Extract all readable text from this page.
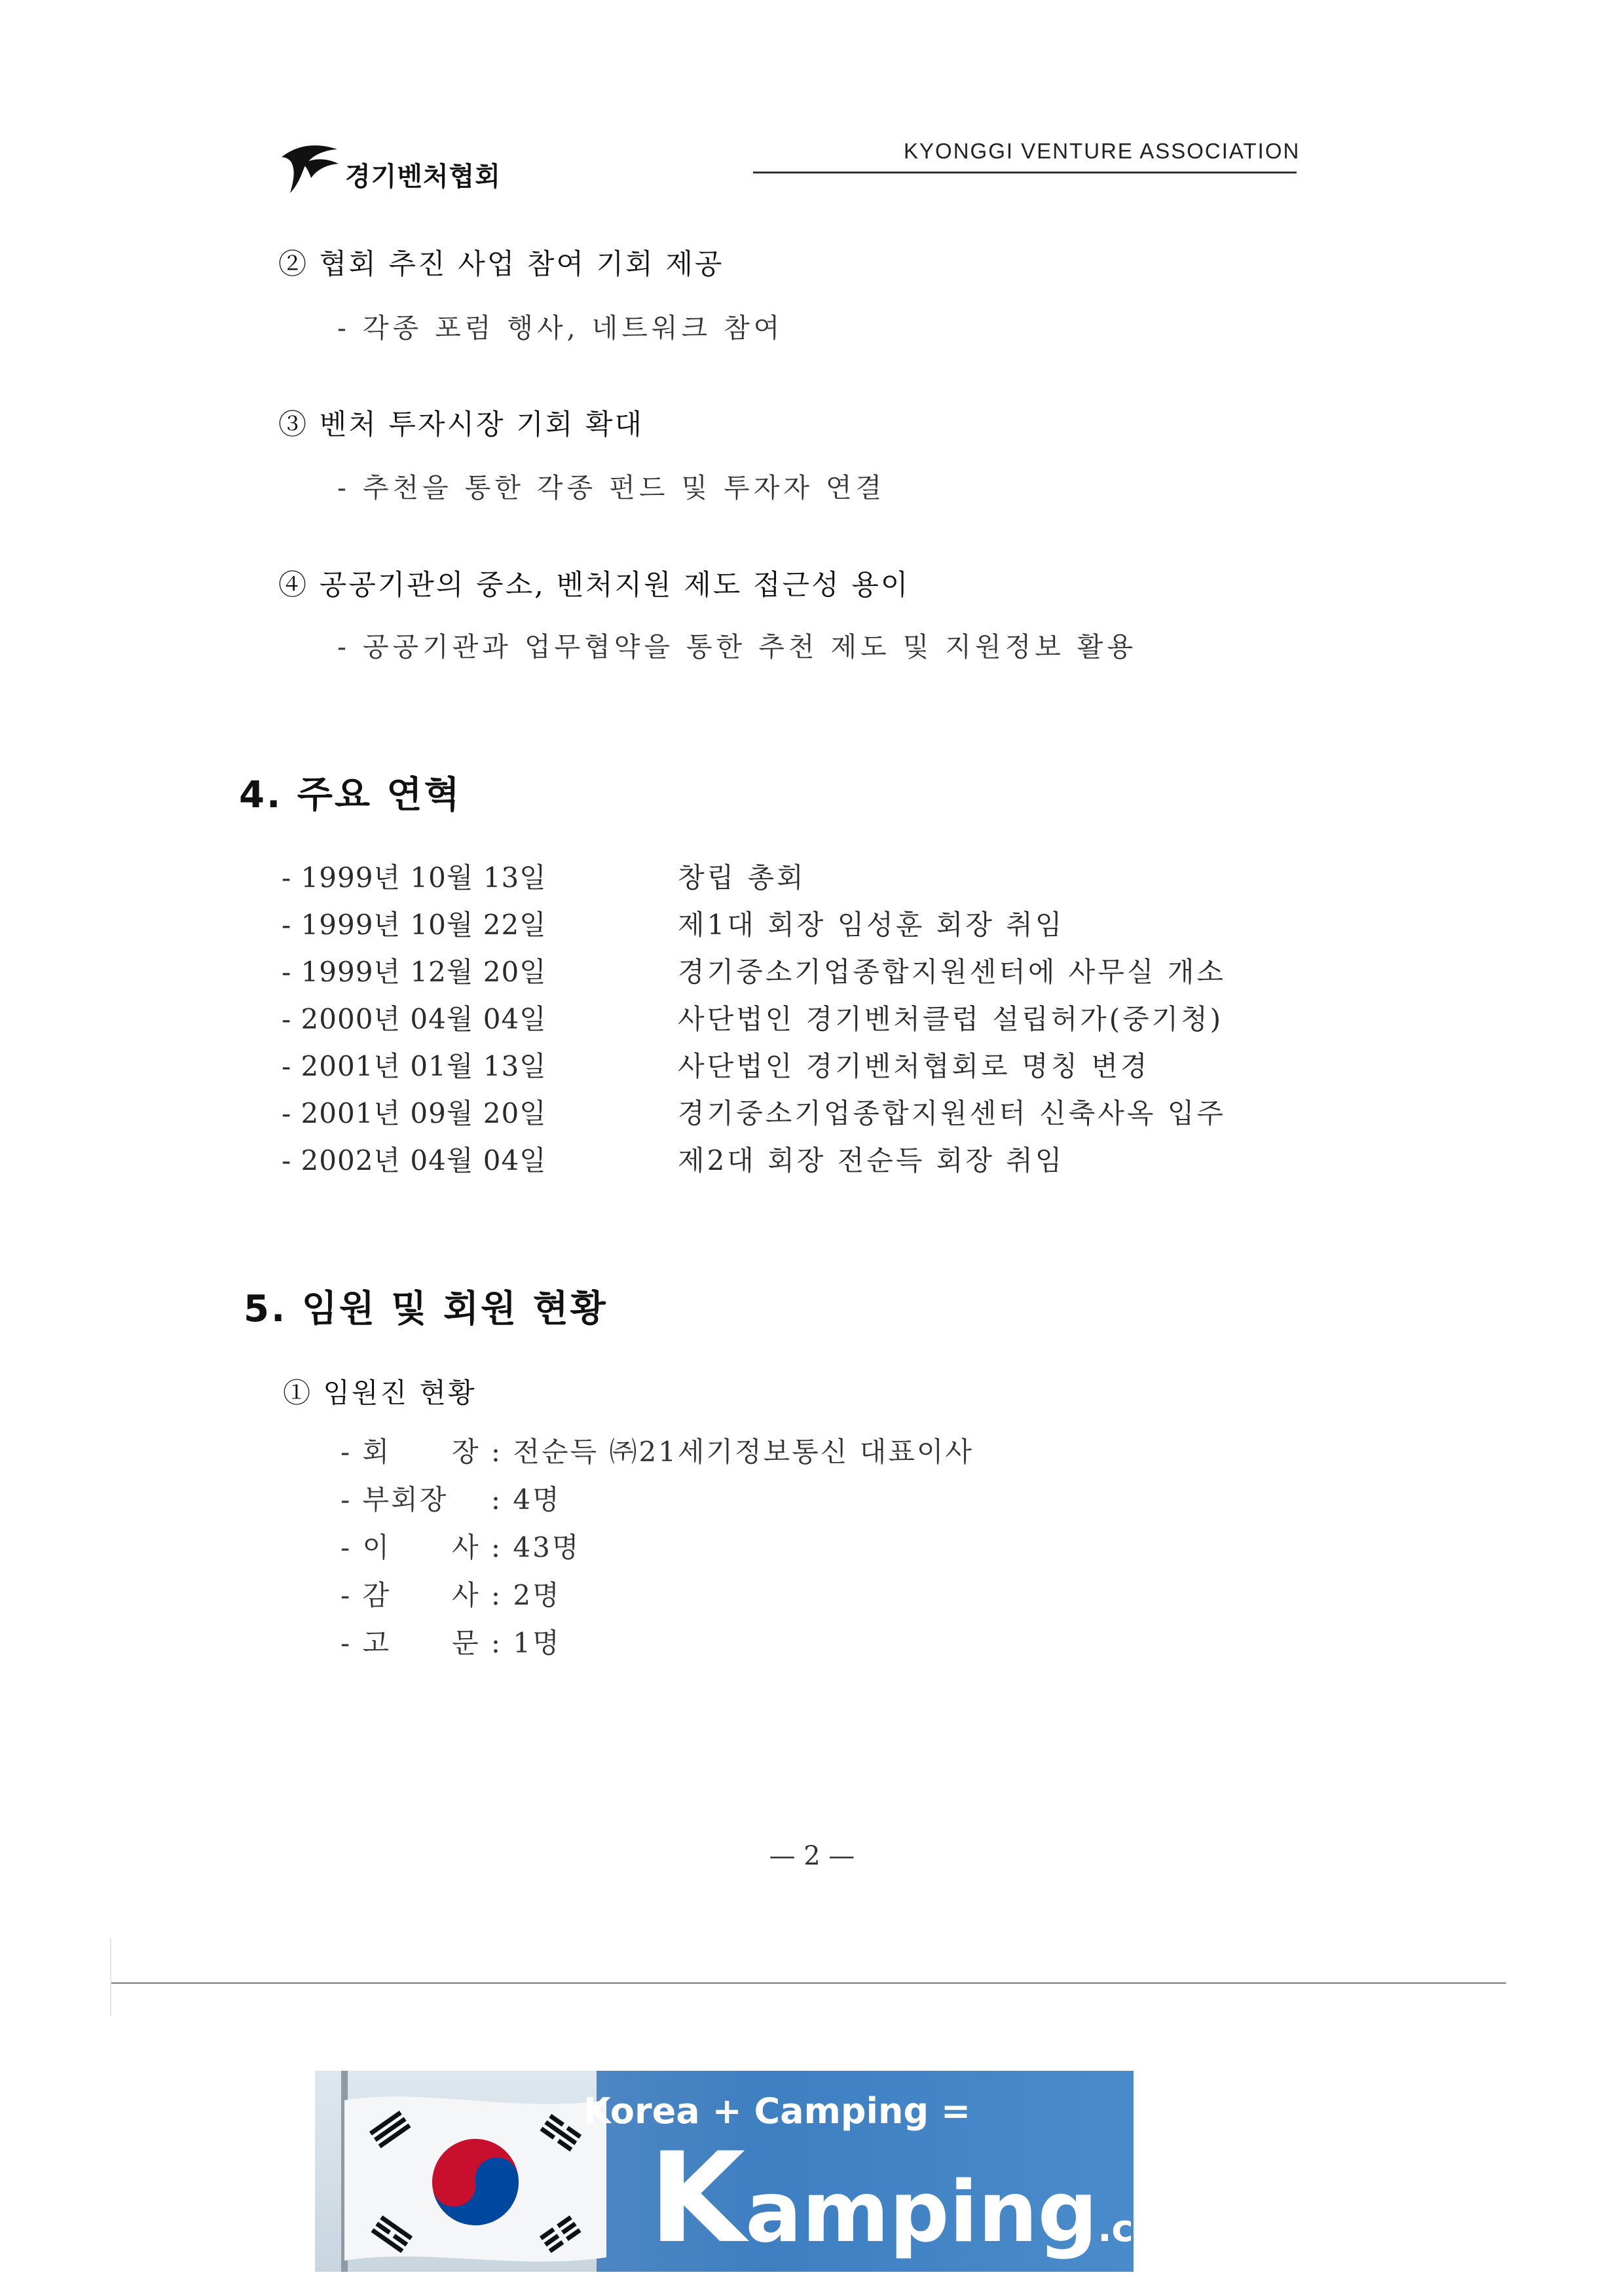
경기벤처협회
KYONGGI VENTURE ASSOCIATION
② 협회 추진 사업 참여 기회 제공
- 각종 포럼 행사, 네트워크 참여
③ 벤처 투자시장 기회 확대
- 추천을 통한 각종 펀드 및 투자자 연결
④ 공공기관의 중소, 벤처지원 제도 접근성 용이
- 공공기관과 업무협약을 통한 추천 제도 및 지원정보 활용
4. 주요 연혁
- 1999년 10월 13일	창립 총회
- 1999년 10월 22일	제1대 회장 임성훈 회장 취임
- 1999년 12월 20일	경기중소기업종합지원센터에 사무실 개소
- 2000년 04월 04일	사단법인 경기벤처클럽 설립허가(중기청)
- 2001년 01월 13일	사단법인 경기벤처협회로 명칭 변경
- 2001년 09월 20일	경기중소기업종합지원센터 신축사옥 입주
- 2002년 04월 04일	제2대 회장 전순득 회장 취임
5. 임원 및 회원 현황
① 임원진 현황
- 회 장 : 전순득 ㈜21세기정보통신 대표이사
- 부회장 : 4명
- 이 사 : 43명
- 감 사 : 2명
- 고 문 : 1명
— 2 —
Korea + Camping =
Kamping.co.kr
